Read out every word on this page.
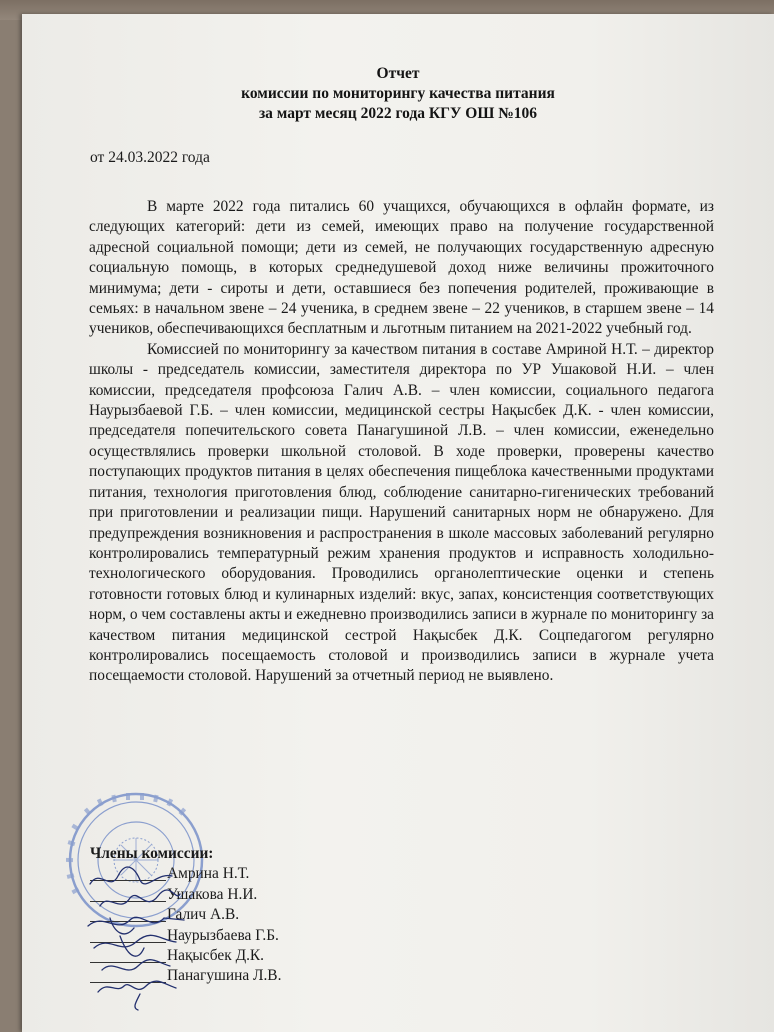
Отчет
комиссии по мониторингу качества питания
за март месяц 2022 года КГУ ОШ №106
от 24.03.2022 года

В марте 2022 года питались 60 учащихся, обучающихся в офлайн формате, из следующих категорий: дети из семей, имеющих право на получение государственной адресной социальной помощи; дети из семей, не получающих государственную адресную социальную помощь, в которых среднедушевой доход ниже величины прожиточного минимума; дети - сироты и дети, оставшиеся без попечения родителей, проживающие в семьях: в начальном звене – 24 ученика, в среднем звене – 22 учеников, в старшем звене – 14 учеников, обеспечивающихся бесплатным и льготным питанием на 2021-2022 учебный год.

Комиссией по мониторингу за качеством питания в составе Амриной Н.Т. – директор школы - председатель комиссии, заместителя директора по УР Ушаковой Н.И. – член комиссии, председателя профсоюза Галич А.В. – член комиссии, социального педагога Наурызбаевой Г.Б. – член комиссии, медицинской сестры Нақысбек Д.К. - член комиссии, председателя попечительского совета Панагушиной Л.В. – член комиссии, еженедельно осуществлялись проверки школьной столовой. В ходе проверки, проверены качество поступающих продуктов питания в целях обеспечения пищеблока качественными продуктами питания, технология приготовления блюд, соблюдение санитарно-гигенических требований при приготовлении и реализации пищи. Нарушений санитарных норм не обнаружено. Для предупреждения возникновения и распространения в школе массовых заболеваний регулярно контролировались температурный режим хранения продуктов и исправность холодильно-технологического оборудования. Проводились органолептические оценки и степень готовности готовых блюд и кулинарных изделий: вкус, запах, консистенция соответствующих норм, о чем составлены акты и ежедневно производились записи в журнале по мониторингу за качеством питания медицинской сестрой Нақысбек Д.К. Соцпедагогом регулярно контролировались посещаемость столовой и производились записи в журнале учета посещаемости столовой. Нарушений за отчетный период не выявлено.

Члены комиссии:
Амрина Н.Т.
Ушакова Н.И.
Галич А.В.
Наурызбаева Г.Б.
Нақысбек Д.К.
Панагушина Л.В.
